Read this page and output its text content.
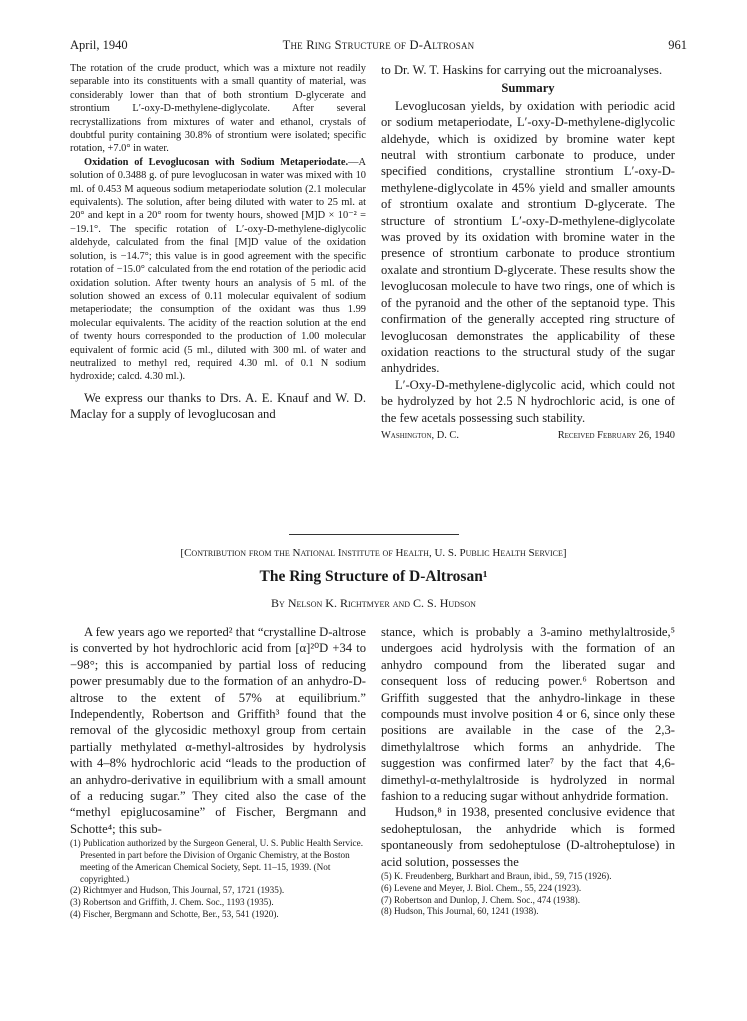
April, 1940	The Ring Structure of D-Altrosan	961

The rotation of the crude product, which was a mixture not readily separable into its constituents with a small quantity of material, was considerably lower than that of both strontium D-glycerate and strontium L′-oxy-D-methylene-diglycolate. After several recrystallizations from mixtures of water and ethanol, crystals of doubtful purity containing 30.8% of strontium were isolated; specific rotation, +7.0° in water.

Oxidation of Levoglucosan with Sodium Metaperiodate.—A solution of 0.3488 g. of pure levoglucosan in water was mixed with 10 ml. of 0.453 M aqueous sodium metaperiodate solution (2.1 molecular equivalents). The solution, after being diluted with water to 25 ml. at 20° and kept in a 20° room for twenty hours, showed [M]D × 10⁻² = −19.1°. The specific rotation of L′-oxy-D-methylene-diglycolic aldehyde, calculated from the final [M]D value of the oxidation solution, is −14.7°; this value is in good agreement with the specific rotation of −15.0° calculated from the end rotation of the periodic acid oxidation solution. After twenty hours an analysis of 5 ml. of the solution showed an excess of 0.11 molecular equivalent of sodium metaperiodate; the consumption of the oxidant was thus 1.99 molecular equivalents. The acidity of the reaction solution at the end of twenty hours corresponded to the production of 1.00 molecular equivalent of formic acid (5 ml., diluted with 300 ml. of water and neutralized to methyl red, required 4.30 ml. of 0.1 N sodium hydroxide; calcd. 4.30 ml.).

We express our thanks to Drs. A. E. Knauf and W. D. Maclay for a supply of levoglucosan and

to Dr. W. T. Haskins for carrying out the microanalyses.

Summary

Levoglucosan yields, by oxidation with periodic acid or sodium metaperiodate, L′-oxy-D-methylene-diglycolic aldehyde, which is oxidized by bromine water kept neutral with strontium carbonate to produce, under specified conditions, crystalline strontium L′-oxy-D-methylene-diglycolate in 45% yield and smaller amounts of strontium oxalate and strontium D-glycerate. The structure of strontium L′-oxy-D-methylene-diglycolate was proved by its oxidation with bromine water in the presence of strontium carbonate to produce strontium oxalate and strontium D-glycerate. These results show the levoglucosan molecule to have two rings, one of which is of the pyranoid and the other of the septanoid type. This confirmation of the generally accepted ring structure of levoglucosan demonstrates the applicability of these oxidation reactions to the structural study of the sugar anhydrides.

L′-Oxy-D-methylene-diglycolic acid, which could not be hydrolyzed by hot 2.5 N hydrochloric acid, is one of the few acetals possessing such stability.

Washington, D. C.	Received February 26, 1940
[Contribution from the National Institute of Health, U. S. Public Health Service]
The Ring Structure of D-Altrosan¹
By Nelson K. Richtmyer and C. S. Hudson

A few years ago we reported² that “crystalline D-altrose is converted by hot hydrochloric acid from [α]²⁰D +34 to −98°; this is accompanied by partial loss of reducing power presumably due to the formation of an anhydro-D-altrose to the extent of 57% at equilibrium.” Independently, Robertson and Griffith³ found that the removal of the glycosidic methoxyl group from certain partially methylated α-methyl-altrosides by hydrolysis with 4–8% hydrochloric acid “leads to the production of an anhydro-derivative in equilibrium with a small amount of a reducing sugar.” They cited also the case of the “methyl epiglucosamine” of Fischer, Bergmann and Schotte⁴; this sub-

(1) Publication authorized by the Surgeon General, U. S. Public Health Service. Presented in part before the Division of Organic Chemistry, at the Boston meeting of the American Chemical Society, Sept. 11–15, 1939. (Not copyrighted.)

(2) Richtmyer and Hudson, This Journal, 57, 1721 (1935).

(3) Robertson and Griffith, J. Chem. Soc., 1193 (1935).

(4) Fischer, Bergmann and Schotte, Ber., 53, 541 (1920).

stance, which is probably a 3-amino methylaltroside,⁵ undergoes acid hydrolysis with the formation of an anhydro compound from the liberated sugar and consequent loss of reducing power.⁶ Robertson and Griffith suggested that the anhydro-linkage in these compounds must involve position 4 or 6, since only these positions are available in the case of the 2,3-dimethylaltrose which forms an anhydride. The suggestion was confirmed later⁷ by the fact that 4,6-dimethyl-α-methylaltroside is hydrolyzed in normal fashion to a reducing sugar without anhydride formation.

Hudson,⁸ in 1938, presented conclusive evidence that sedoheptulosan, the anhydride which is formed spontaneously from sedoheptulose (D-altroheptulose) in acid solution, possesses the

(5) K. Freudenberg, Burkhart and Braun, ibid., 59, 715 (1926).

(6) Levene and Meyer, J. Biol. Chem., 55, 224 (1923).

(7) Robertson and Dunlop, J. Chem. Soc., 474 (1938).

(8) Hudson, This Journal, 60, 1241 (1938).
